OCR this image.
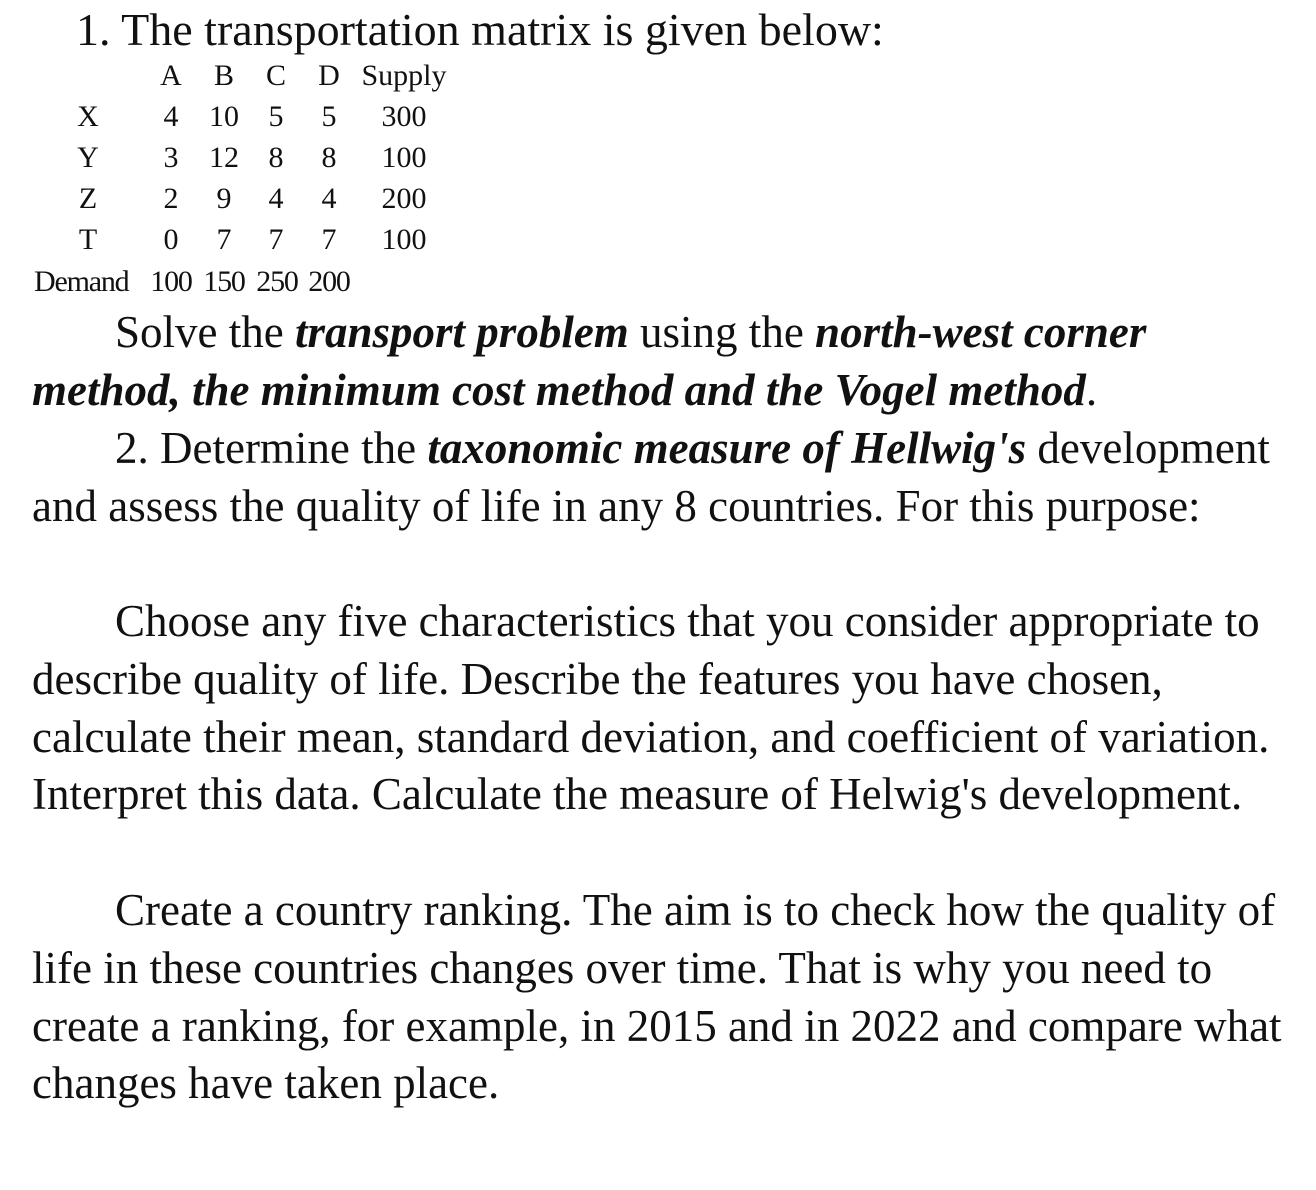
1. The transportation matrix is given below:
A B C D Supply
X 4 10 5 5 300
Y 3 12 8 8 100
Z 2 9 4 4 200
T 0 7 7 7 100
Demand 100 150 250 200
Solve the transport problem using the north-west corner method, the minimum cost method and the Vogel method.
2. Determine the taxonomic measure of Hellwig's development and assess the quality of life in any 8 countries. For this purpose:
Choose any five characteristics that you consider appropriate to describe quality of life. Describe the features you have chosen, calculate their mean, standard deviation, and coefficient of variation. Interpret this data. Calculate the measure of Helwig's development.
Create a country ranking. The aim is to check how the quality of life in these countries changes over time. That is why you need to create a ranking, for example, in 2015 and in 2022 and compare what changes have taken place.
